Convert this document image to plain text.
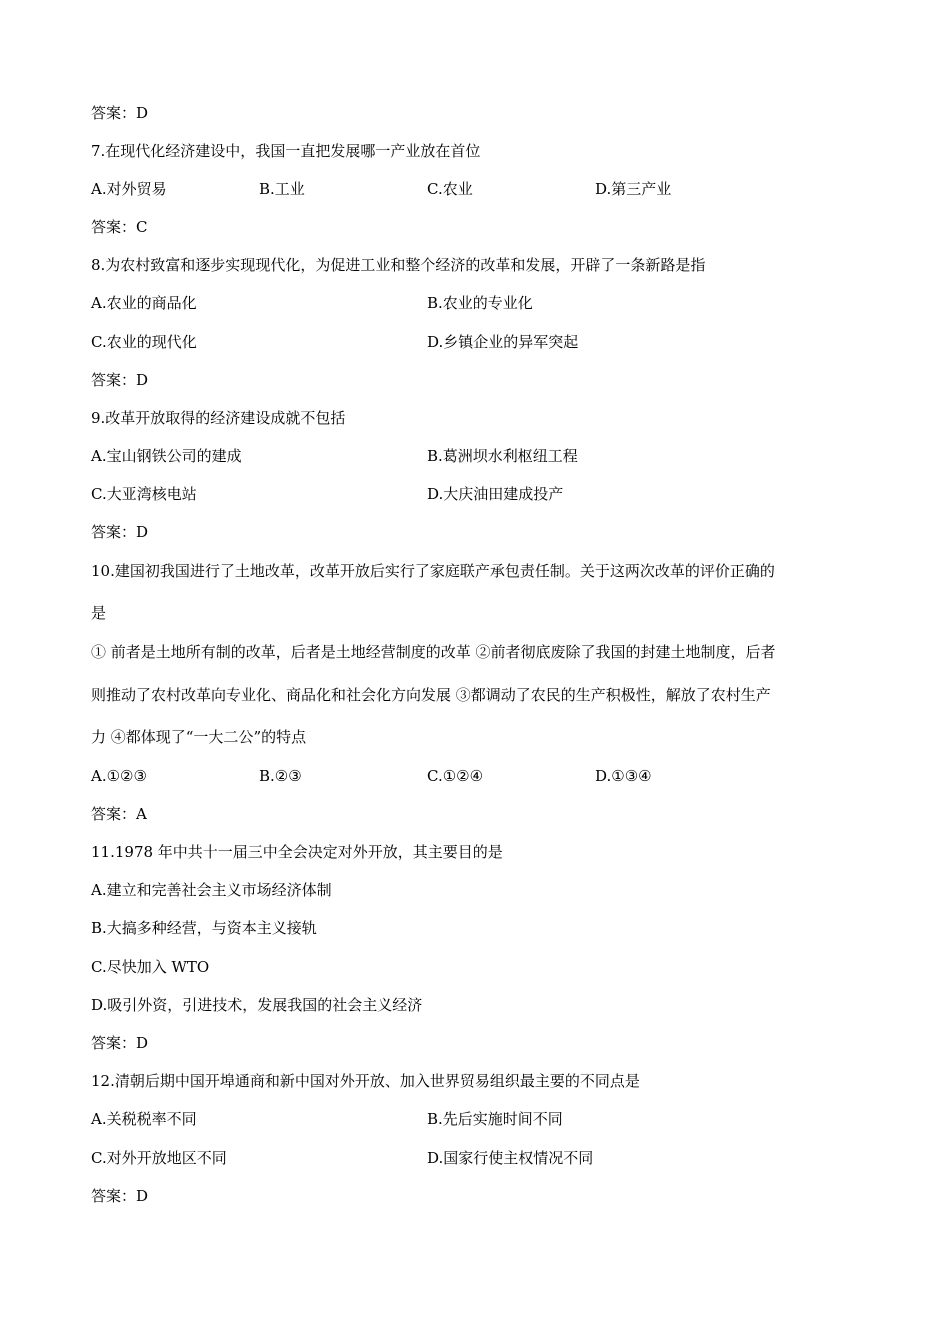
答案：D
7.在现代化经济建设中，我国一直把发展哪一产业放在首位
A.对外贸易	B.工业	C.农业	D.第三产业
答案：C
8.为农村致富和逐步实现现代化，为促进工业和整个经济的改革和发展，开辟了一条新路是指
A.农业的商品化	B.农业的专业化
C.农业的现代化	D.乡镇企业的异军突起
答案：D
9.改革开放取得的经济建设成就不包括
A.宝山钢铁公司的建成	B.葛洲坝水利枢纽工程
C.大亚湾核电站	D.大庆油田建成投产
答案：D
10.建国初我国进行了土地改革，改革开放后实行了家庭联产承包责任制。关于这两次改革的评价正确的
是
① 前者是土地所有制的改革，后者是土地经营制度的改革 ②前者彻底废除了我国的封建土地制度，后者
则推动了农村改革向专业化、商品化和社会化方向发展 ③都调动了农民的生产积极性，解放了农村生产
力 ④都体现了“一大二公”的特点
A.①②③	B.②③	C.①②④	D.①③④
答案：A
11.1978 年中共十一届三中全会决定对外开放，其主要目的是
A.建立和完善社会主义市场经济体制
B.大搞多种经营，与资本主义接轨
C.尽快加入 WTO
D.吸引外资，引进技术，发展我国的社会主义经济
答案：D
12.清朝后期中国开埠通商和新中国对外开放、加入世界贸易组织最主要的不同点是
A.关税税率不同	B.先后实施时间不同
C.对外开放地区不同	D.国家行使主权情况不同
答案：D
